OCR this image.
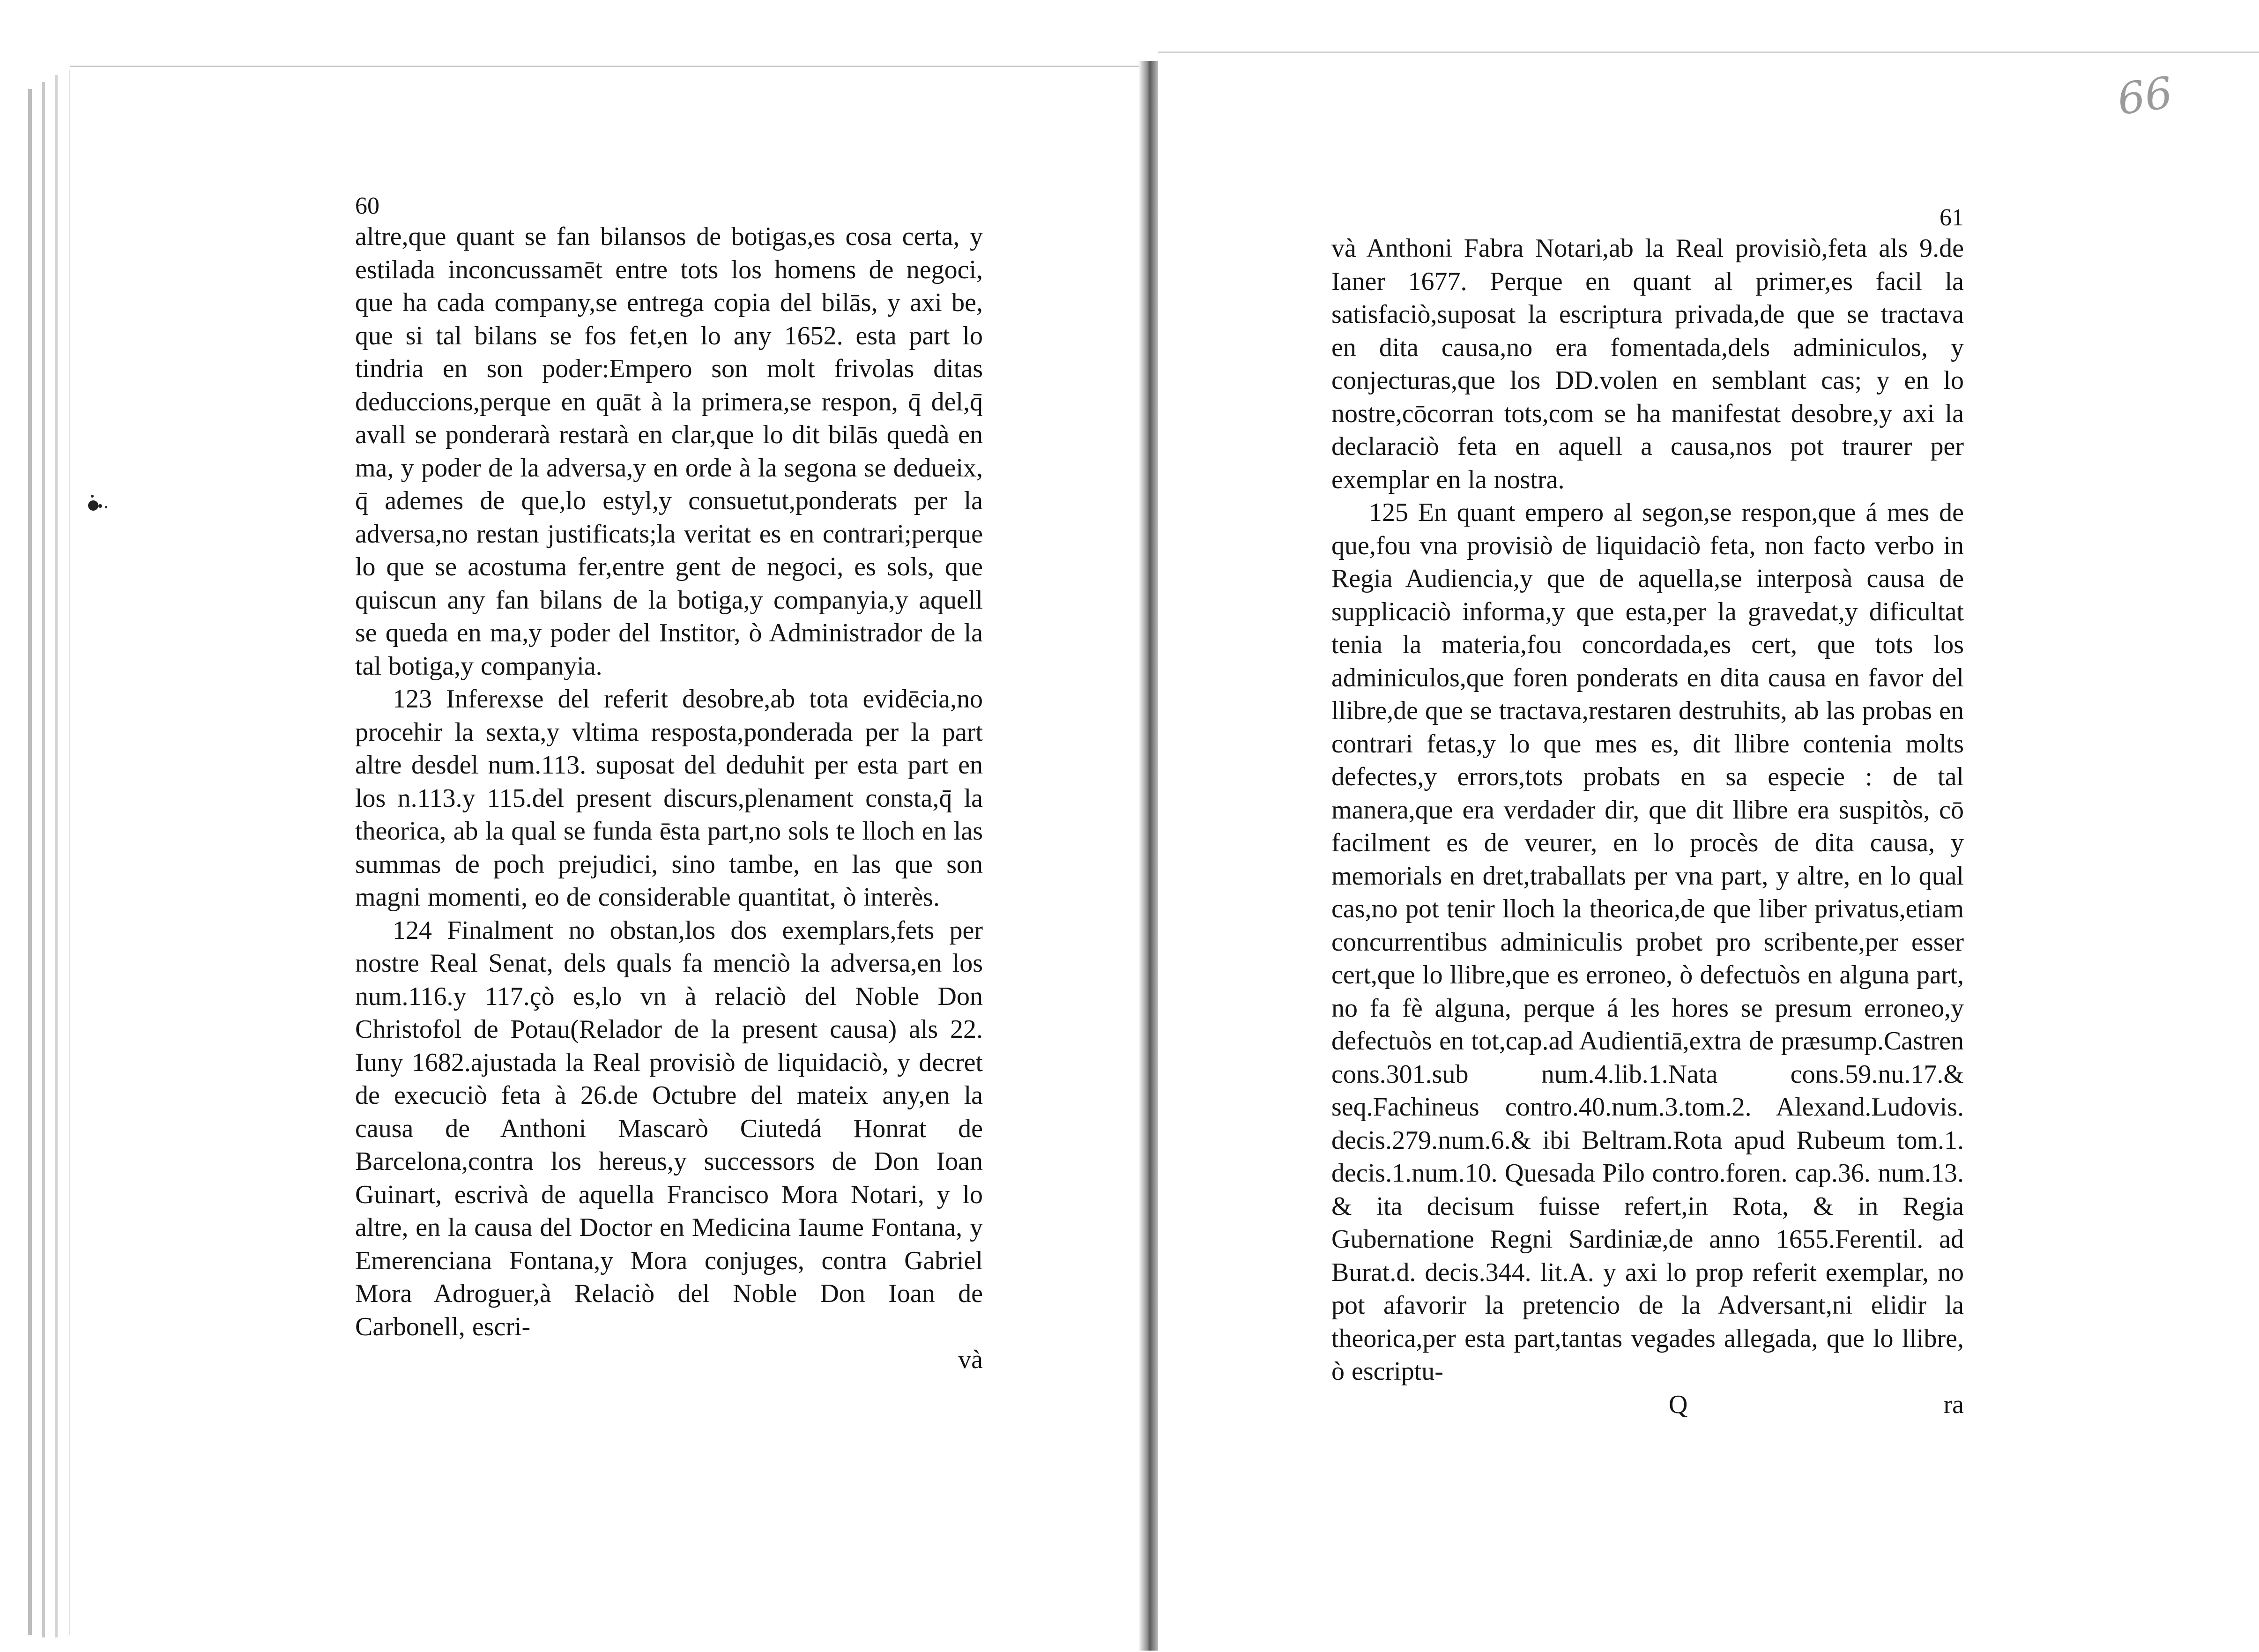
66
60

altre,que quant se fan bilansos de botigas,es cosa certa, y estilada inconcussamēt entre tots los homens de negoci, que ha cada company,se entrega copia del bilās, y axi be, que si tal bilans se fos fet,en lo any 1652. esta part lo tindria en son poder:Empero son molt frivolas ditas deduccions,perque en quāt à la primera,se respon, q̄ del,q̄ avall se ponderarà restarà en clar,que lo dit bilās quedà en ma, y poder de la adversa,y en orde à la segona se dedueix, q̄ ademes de que,lo estyl,y consuetut,ponderats per la adversa,no restan justificats;la veritat es en contrari;perque lo que se acostuma fer,entre gent de negoci, es sols, que quiscun any fan bilans de la botiga,y companyia,y aquell se queda en ma,y poder del Institor, ò Administrador de la tal botiga,y companyia.

123 Inferexse del referit desobre,ab tota evidēcia,no procehir la sexta,y vltima resposta,ponderada per la part altre desdel num.113. suposat del deduhit per esta part en los n.113.y 115.del present discurs,plenament consta,q̄ la theorica, ab la qual se funda ēsta part,no sols te lloch en las summas de poch prejudici, sino tambe, en las que son magni momenti, eo de considerable quantitat, ò interès.

124 Finalment no obstan,los dos exemplars,fets per nostre Real Senat, dels quals fa menciò la adversa,en los num.116.y 117.çò es,lo vn à relaciò del Noble Don Christofol de Potau(Relador de la present causa) als 22. Iuny 1682.ajustada la Real provisiò de liquidaciò, y decret de execuciò feta à 26.de Octubre del mateix any,en la causa de Anthoni Mascarò Ciutedá Honrat de Barcelona,contra los hereus,y successors de Don Ioan Guinart, escrivà de aquella Francisco Mora Notari, y lo altre, en la causa del Doctor en Medicina Iaume Fontana, y Emerenciana Fontana,y Mora conjuges, contra Gabriel Mora Adroguer,à Relaciò del Noble Don Ioan de Carbonell, escri-

và

61

và Anthoni Fabra Notari,ab la Real provisiò,feta als 9.de Ianer 1677. Perque en quant al primer,es facil la satisfaciò,suposat la escriptura privada,de que se tractava en dita causa,no era fomentada,dels adminiculos, y conjecturas,que los DD.volen en semblant cas; y en lo nostre,cōcorran tots,com se ha manifestat desobre,y axi la declaraciò feta en aquell a causa,nos pot traurer per exemplar en la nostra.

125 En quant empero al segon,se respon,que á mes de que,fou vna provisiò de liquidaciò feta, non facto verbo in Regia Audiencia,y que de aquella,se interposà causa de supplicaciò informa,y que esta,per la gravedat,y dificultat tenia la materia,fou concordada,es cert, que tots los adminiculos,que foren ponderats en dita causa en favor del llibre,de que se tractava,restaren destruhits, ab las probas en contrari fetas,y lo que mes es, dit llibre contenia molts defectes,y errors,tots probats en sa especie : de tal manera,que era verdader dir, que dit llibre era suspitòs, cō facilment es de veurer, en lo procès de dita causa, y memorials en dret,traballats per vna part, y altre, en lo qual cas,no pot tenir lloch la theorica,de que liber privatus,etiam concurrentibus adminiculis probet pro scribente,per esser cert,que lo llibre,que es erroneo, ò defectuòs en alguna part, no fa fè alguna, perque á les hores se presum erroneo,y defectuòs en tot,cap.ad Audientiā,extra de præsump.Castren cons.301.sub num.4.lib.1.Nata cons.59.nu.17.& seq.Fachineus contro.40.num.3.tom.2. Alexand.Ludovis. decis.279.num.6.& ibi Beltram.Rota apud Rubeum tom.1. decis.1.num.10. Quesada Pilo contro.foren. cap.36. num.13. & ita decisum fuisse refert,in Rota, & in Regia Gubernatione Regni Sardiniæ,de anno 1655.Ferentil. ad Burat.d. decis.344. lit.A. y axi lo prop referit exemplar, no pot afavorir la pretencio de la Adversant,ni elidir la theorica,per esta part,tantas vegades allegada, que lo llibre, ò escriptu-

Q	ra
